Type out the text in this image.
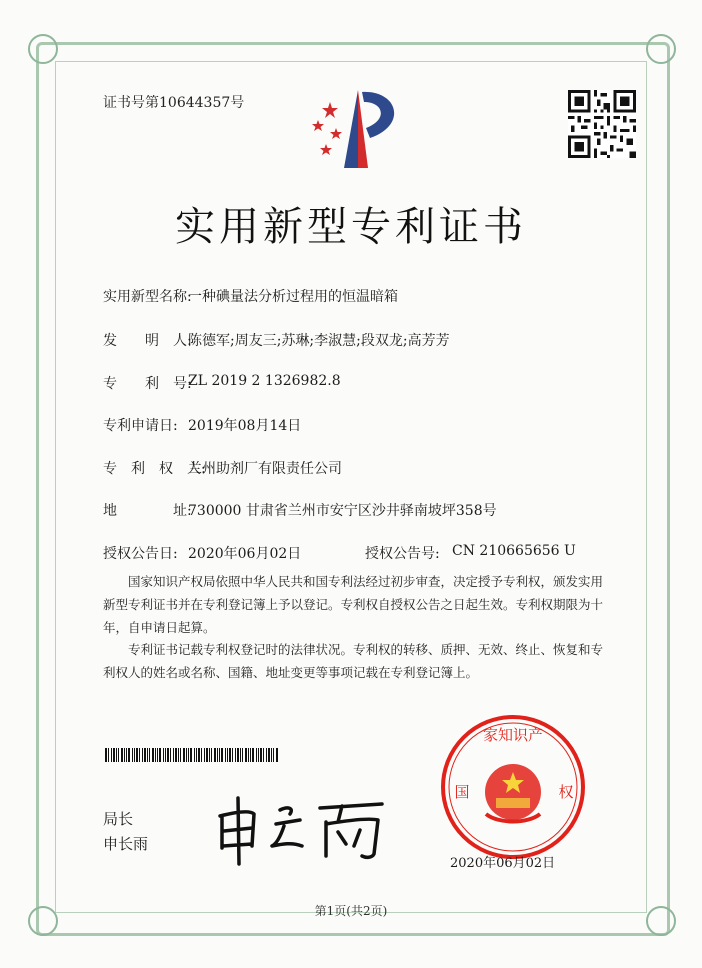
证书号第10644357号
实用新型专利证书
实用新型名称:
一种碘量法分析过程用的恒温暗箱
发　　明　人:
陈德军;周友三;苏琳;李淑慧;段双龙;高芳芳
专　　利　号:
ZL 2019 2 1326982.8
专利申请日: 2019年08月14日
专　利　权　人:
兰州助剂厂有限责任公司
地　　　　址:
730000 甘肃省兰州市安宁区沙井驿南坡坪358号
授权公告日: 2020年06月02日	授权公告号: CN 210665656 U
国家知识产权局依照中华人民共和国专利法经过初步审查，决定授予专利权，颁发实用新型专利证书并在专利登记簿上予以登记。专利权自授权公告之日起生效。专利权期限为十年，自申请日起算。
专利证书记载专利权登记时的法律状况。专利权的转移、质押、无效、终止、恢复和专利权人的姓名或名称、国籍、地址变更等事项记载在专利登记簿上。
局长
申长雨
家知识产
国	权
2020年06月02日
第1页(共2页)
